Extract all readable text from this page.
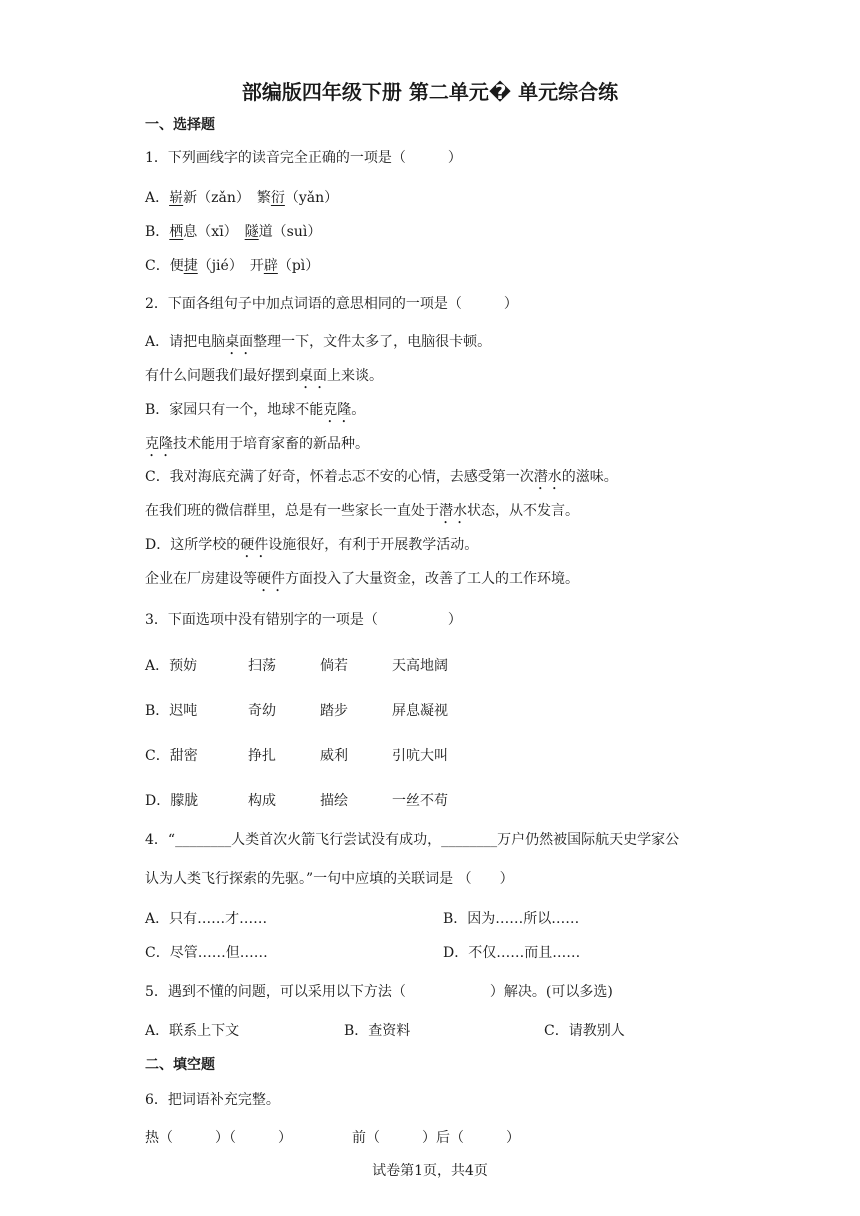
部编版四年级下册 第二单元� 单元综合练
一、选择题
1．下列画线字的读音完全正确的一项是（　　　）
A．崭新（zǎn）　繁衍（yǎn）
B．栖息（xī）　隧道（suì）
C．便捷（jié）　开辟（pì）
2．下面各组句子中加点词语的意思相同的一项是（　　　）
A．请把电脑桌面整理一下，文件太多了，电脑很卡顿。
有什么问题我们最好摆到桌面上来谈。
B．家园只有一个，地球不能克隆。
克隆技术能用于培育家畜的新品种。
C．我对海底充满了好奇，怀着忐忑不安的心情，去感受第一次潜水的滋味。
在我们班的微信群里，总是有一些家长一直处于潜水状态，从不发言。
D．这所学校的硬件设施很好，有利于开展教学活动。
企业在厂房建设等硬件方面投入了大量资金，改善了工人的工作环境。
3．下面选项中没有错别字的一项是（　　　　　）
A．预妨	扫荡	倘若	天高地阔
B．迟吨	奇幼	踏步	屏息凝视
C．甜密	挣扎	威利	引吭大叫
D．朦胧	构成	描绘	一丝不苟
4．“________人类首次火箭飞行尝试没有成功，________万户仍然被国际航天史学家公
认为人类飞行探索的先驱。”一句中应填的关联词是 （　　）
A．只有……才……	B．因为……所以……
C．尽管……但……	D．不仅……而且……
5．遇到不懂的问题，可以采用以下方法（　　　　　　）解决。(可以多选)
A．联系上下文	B．查资料	C．请教别人
二、填空题
6．把词语补充完整。
热（　　　）（　　　）	前（　　　）后（　　　）
试卷第1页，共4页
